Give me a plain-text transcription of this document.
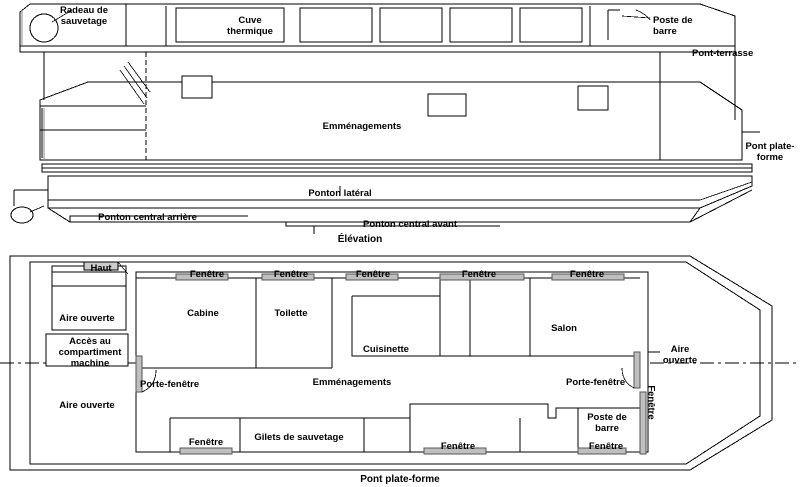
Radeau de sauvetage	Cuve thermique
Poste de barre
Pont-terrasse
Emménagements
Pont plate-forme
Ponton latéral
Ponton central arrière
Ponton central avant
Élévation
Haut
Fenêtre	Fenêtre	Fenêtre	Fenêtre	Fenêtre
Aire ouverte	Cabine	Toilette
Salon
Accès au compartiment machine
Cuisinette	Aire ouverte
Porte-fenêtre	Emménagements	Porte-fenêtre
Aire ouverte
Poste de barre
Fenêtre	Gilets de sauvetage
Fenêtre
Fenêtre
Fenêtre
Pont plate-forme
